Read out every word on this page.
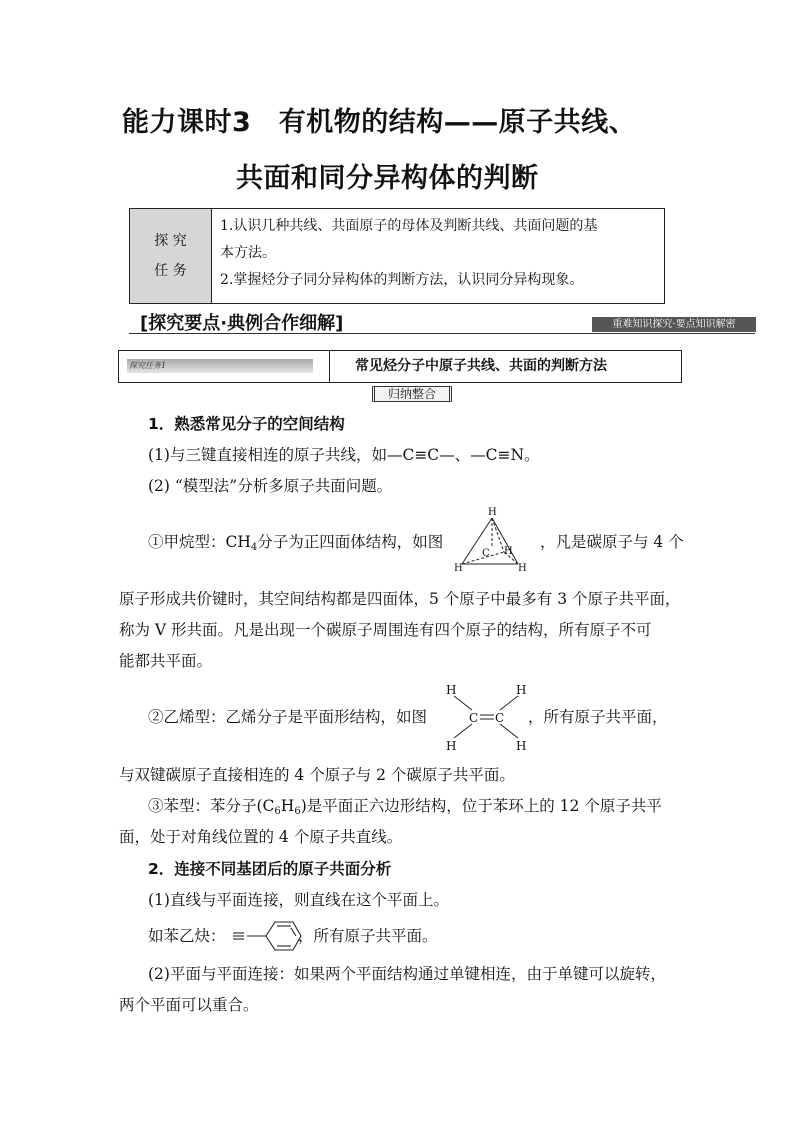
能力课时3　有机物的结构——原子共线、
共面和同分异构体的判断
探 究
任 务
1.认识几种共线、共面原子的母体及判断共线、共面问题的基
本方法。
2.掌握烃分子同分异构体的判断方法，认识同分异构现象。
[探究要点·典例合作细解]	重难知识探究·要点知识解密
探究任务1	常见烃分子中原子共线、共面的判断方法
归纳整合
1．熟悉常见分子的空间结构
(1)与三键直接相连的原子共线，如—C≡C—、—C≡N。
(2) “模型法”分析多原子共面问题。
①甲烷型：$CH_4$分子为正四面体结构，如图
H
C H
H	H
，凡是碳原子与 4 个
原子形成共价键时，其空间结构都是四面体，5 个原子中最多有 3 个原子共平面，
称为 V 形共面。凡是出现一个碳原子周围连有四个原子的结构，所有原子不可
能都共平面。
②乙烯型：乙烯分子是平面形结构，如图
H	H
C C
H	H
，所有原子共平面，
与双键碳原子直接相连的 4 个原子与 2 个碳原子共平面。
③苯型：苯分子$(C_6H_6)$是平面正六边形结构，位于苯环上的 12 个原子共平
面，处于对角线位置的 4 个原子共直线。
2．连接不同基团后的原子共面分析
(1)直线与平面连接，则直线在这个平面上。
如苯乙炔：	，所有原子共平面。
(2)平面与平面连接：如果两个平面结构通过单键相连，由于单键可以旋转，
两个平面可以重合。
